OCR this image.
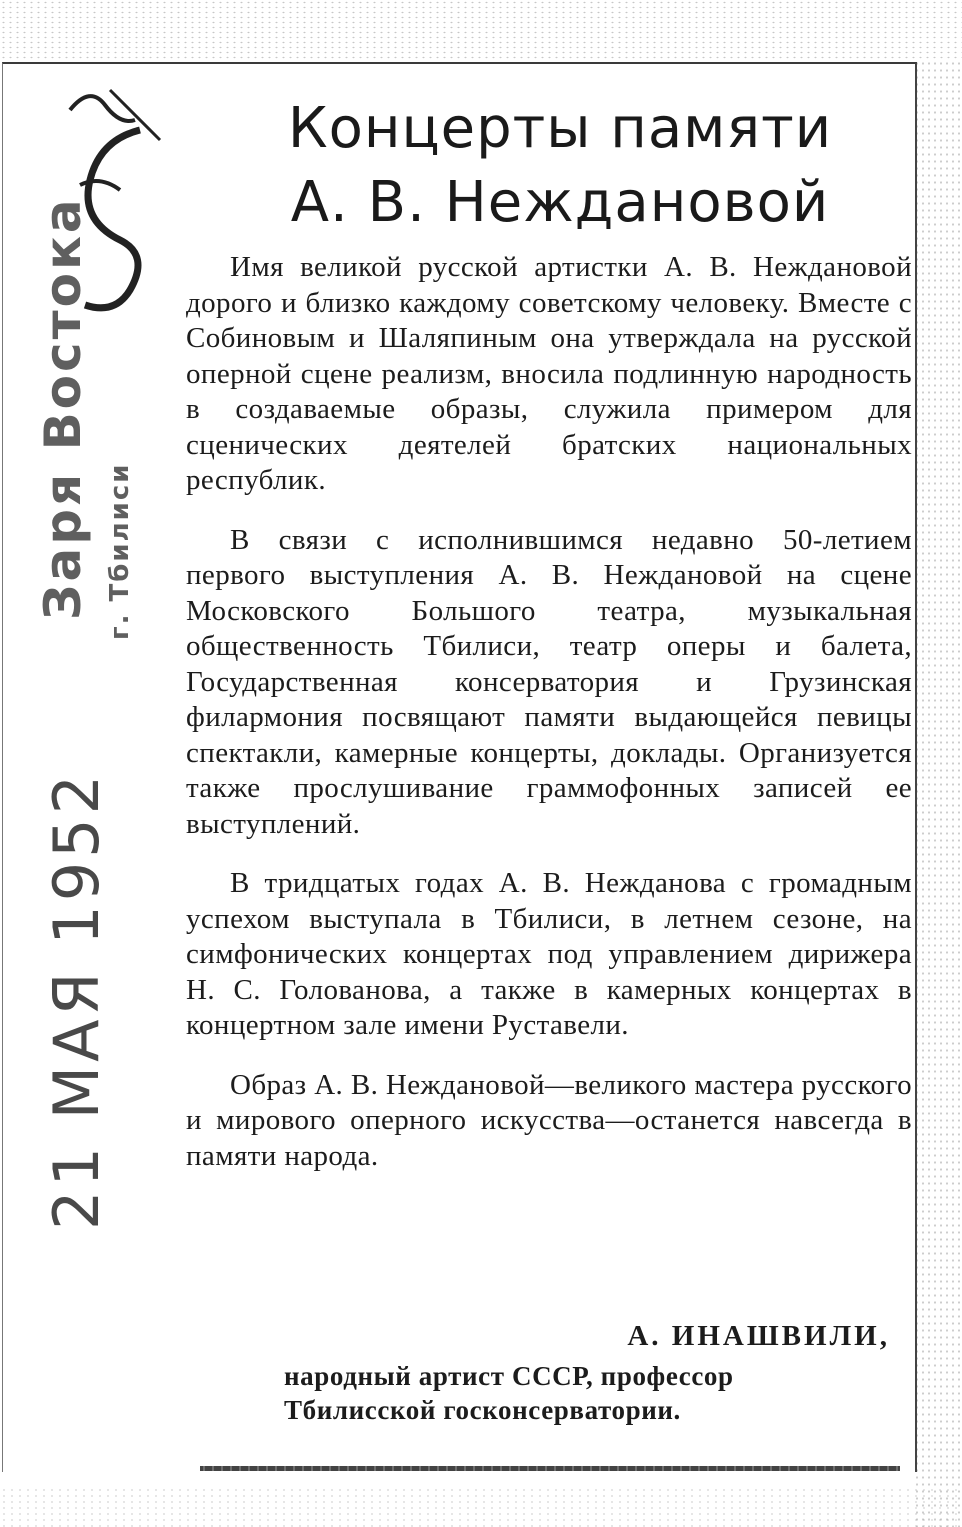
Заря Востока г. Тбилиси
21 МАЯ 1952
Концерты памяти
А. В. Неждановой

Имя великой русской артистки А. В. Неждановой дорого и близко каждому советскому человеку. Вместе с Собиновым и Шаляпиным она утверждала на русской оперной сцене реализм, вносила подлинную народность в создаваемые образы, служила примером для сценических деятелей братских национальных республик.

В связи с исполнившимся недавно 50-летием первого выступления А. В. Неждановой на сцене Московского Большого театра, музыкальная общественность Тбилиси, театр оперы и балета, Государственная консерватория и Грузинская филармония посвящают памяти выдающейся певицы спектакли, камерные концерты, доклады. Организуется также прослушивание граммофонных записей ее выступлений.

В тридцатых годах А. В. Нежданова с громадным успехом выступала в Тбилиси, в летнем сезоне, на симфонических концертах под управлением дирижера Н. С. Голованова, а также в камерных концертах в концертном зале имени Руставели.

Образ А. В. Неждановой—великого мастера русского и мирового оперного искусства—останется навсегда в памяти народа.

А. ИНАШВИЛИ,

народный артист СССР, профессор

Тбилисской госконсерватории.
